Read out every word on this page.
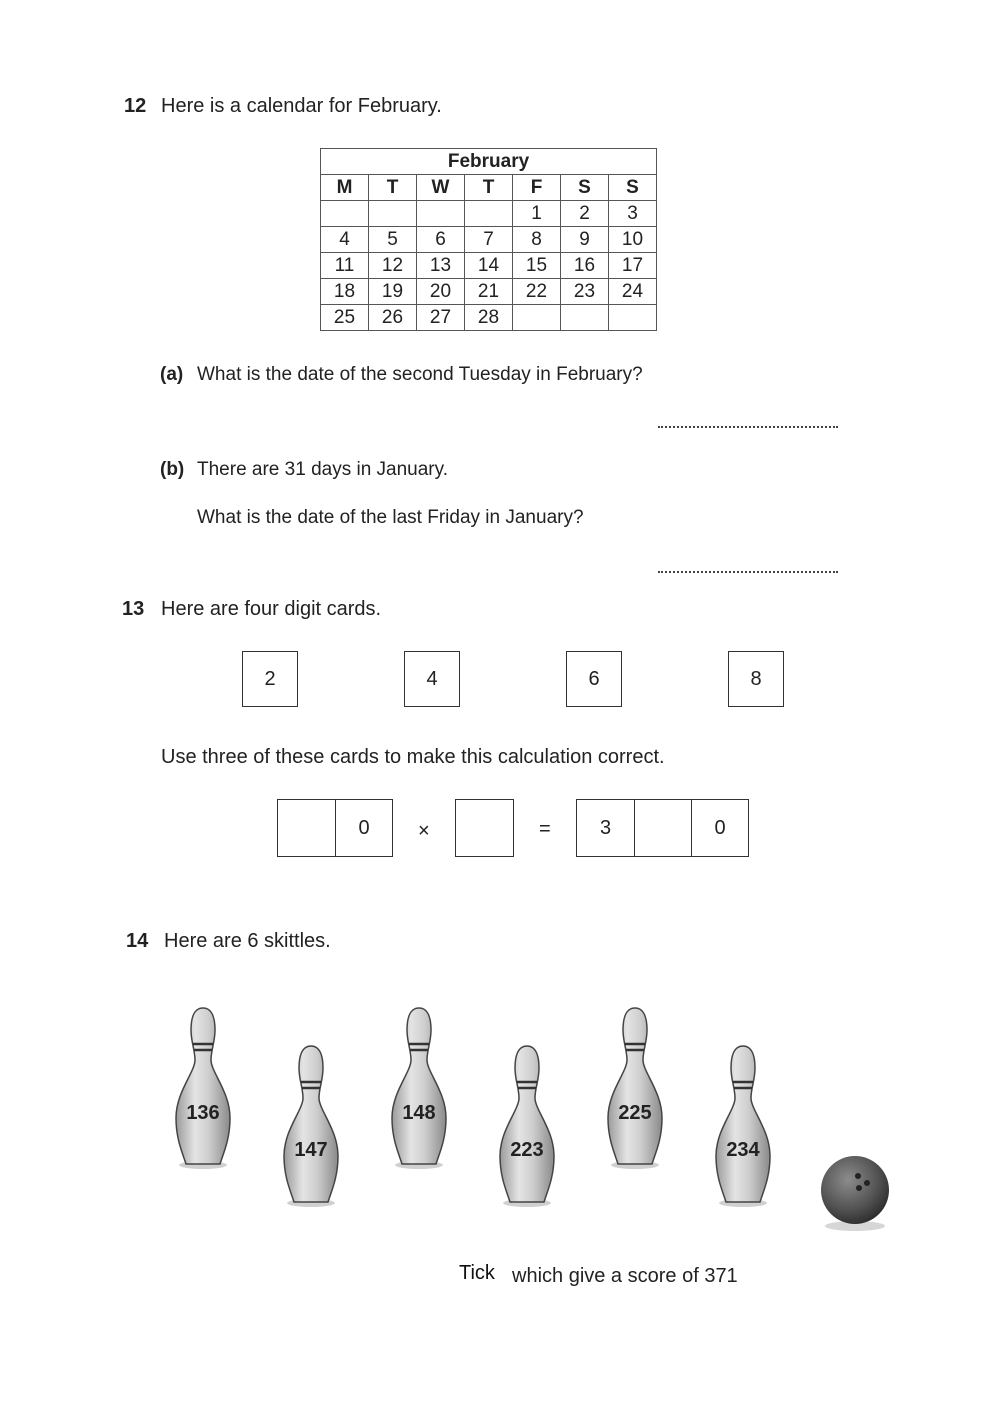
12 Here is a calendar for February.
February						
M	T	W	T	F	S	S
				1	2	3
4	5	6	7	8	9	10
11	12	13	14	15	16	17
18	19	20	21	22	23	24
25	26	27	28			
(a) What is the date of the second Tuesday in February?
(b) There are 31 days in January.
What is the date of the last Friday in January?
13 Here are four digit cards.
2	4	6	8
Use three of these cards to make this calculation correct.
0	×	=	3	0
14 Here are 6 skittles.
136
147
148
223
225
234
Tick which give a score of 371
